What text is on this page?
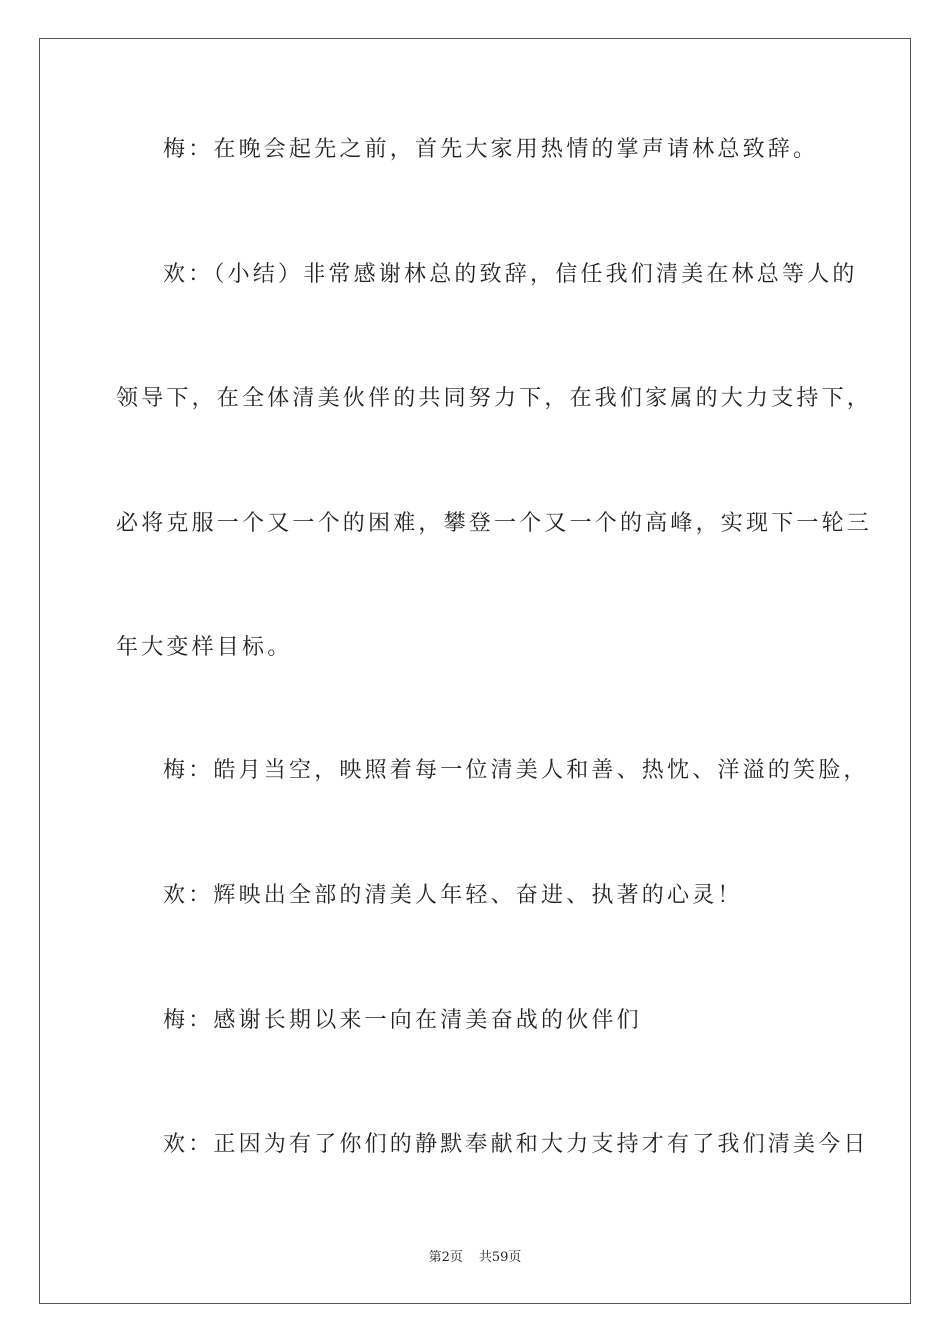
梅：在晚会起先之前，首先大家用热情的掌声请林总致辞。
欢：（小结）非常感谢林总的致辞，信任我们清美在林总等人的
领导下，在全体清美伙伴的共同努力下，在我们家属的大力支持下，
必将克服一个又一个的困难，攀登一个又一个的高峰，实现下一轮三
年大变样目标。
梅：皓月当空，映照着每一位清美人和善、热忱、洋溢的笑脸，
欢：辉映出全部的清美人年轻、奋进、执著的心灵！
梅：感谢长期以来一向在清美奋战的伙伴们
欢：正因为有了你们的静默奉献和大力支持才有了我们清美今日
第2页 共59页
